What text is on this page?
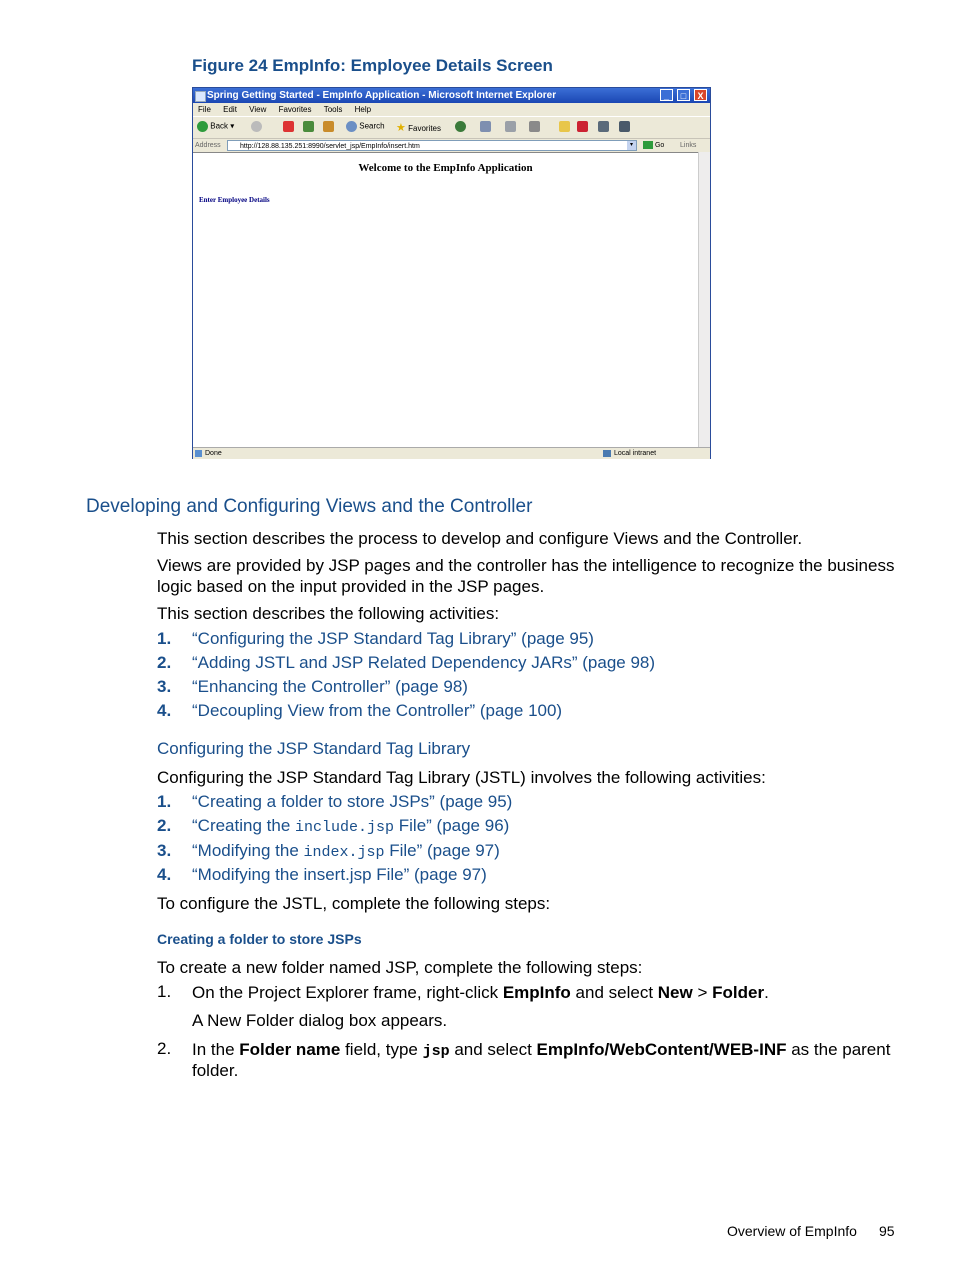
Figure 24 EmpInfo: Employee Details Screen
Spring Getting Started - EmpInfo Application - Microsoft Internet Explorer	_	□	X
File Edit View Favorites Tools Help
Back ▾	Search ★ Favorites
Address	http://128.88.135.251:8990/servlet_jsp/EmpInfo/insert.htm	▾	Go Links
Welcome to the EmpInfo Application
Enter Employee Details
Done	Local intranet
Developing and Configuring Views and the Controller
This section describes the process to develop and configure Views and the Controller.
Views are provided by JSP pages and the controller has the intelligence to recognize the business
logic based on the input provided in the JSP pages.
This section describes the following activities:
1. “Configuring the JSP Standard Tag Library” (page 95)
2. “Adding JSTL and JSP Related Dependency JARs” (page 98)
3. “Enhancing the Controller” (page 98)
4. “Decoupling View from the Controller” (page 100)
Configuring the JSP Standard Tag Library
Configuring the JSP Standard Tag Library (JSTL) involves the following activities:
1. “Creating a folder to store JSPs” (page 95)
2. “Creating the include.jsp File” (page 96)
3. “Modifying the index.jsp File” (page 97)
4. “Modifying the insert.jsp File” (page 97)
To configure the JSTL, complete the following steps:
Creating a folder to store JSPs
To create a new folder named JSP, complete the following steps:
1. On the Project Explorer frame, right-click EmpInfo and select New > Folder.
A New Folder dialog box appears.
2. In the Folder name field, type jsp and select EmpInfo/WebContent/WEB-INF as the parent
folder.
Overview of EmpInfo 95
